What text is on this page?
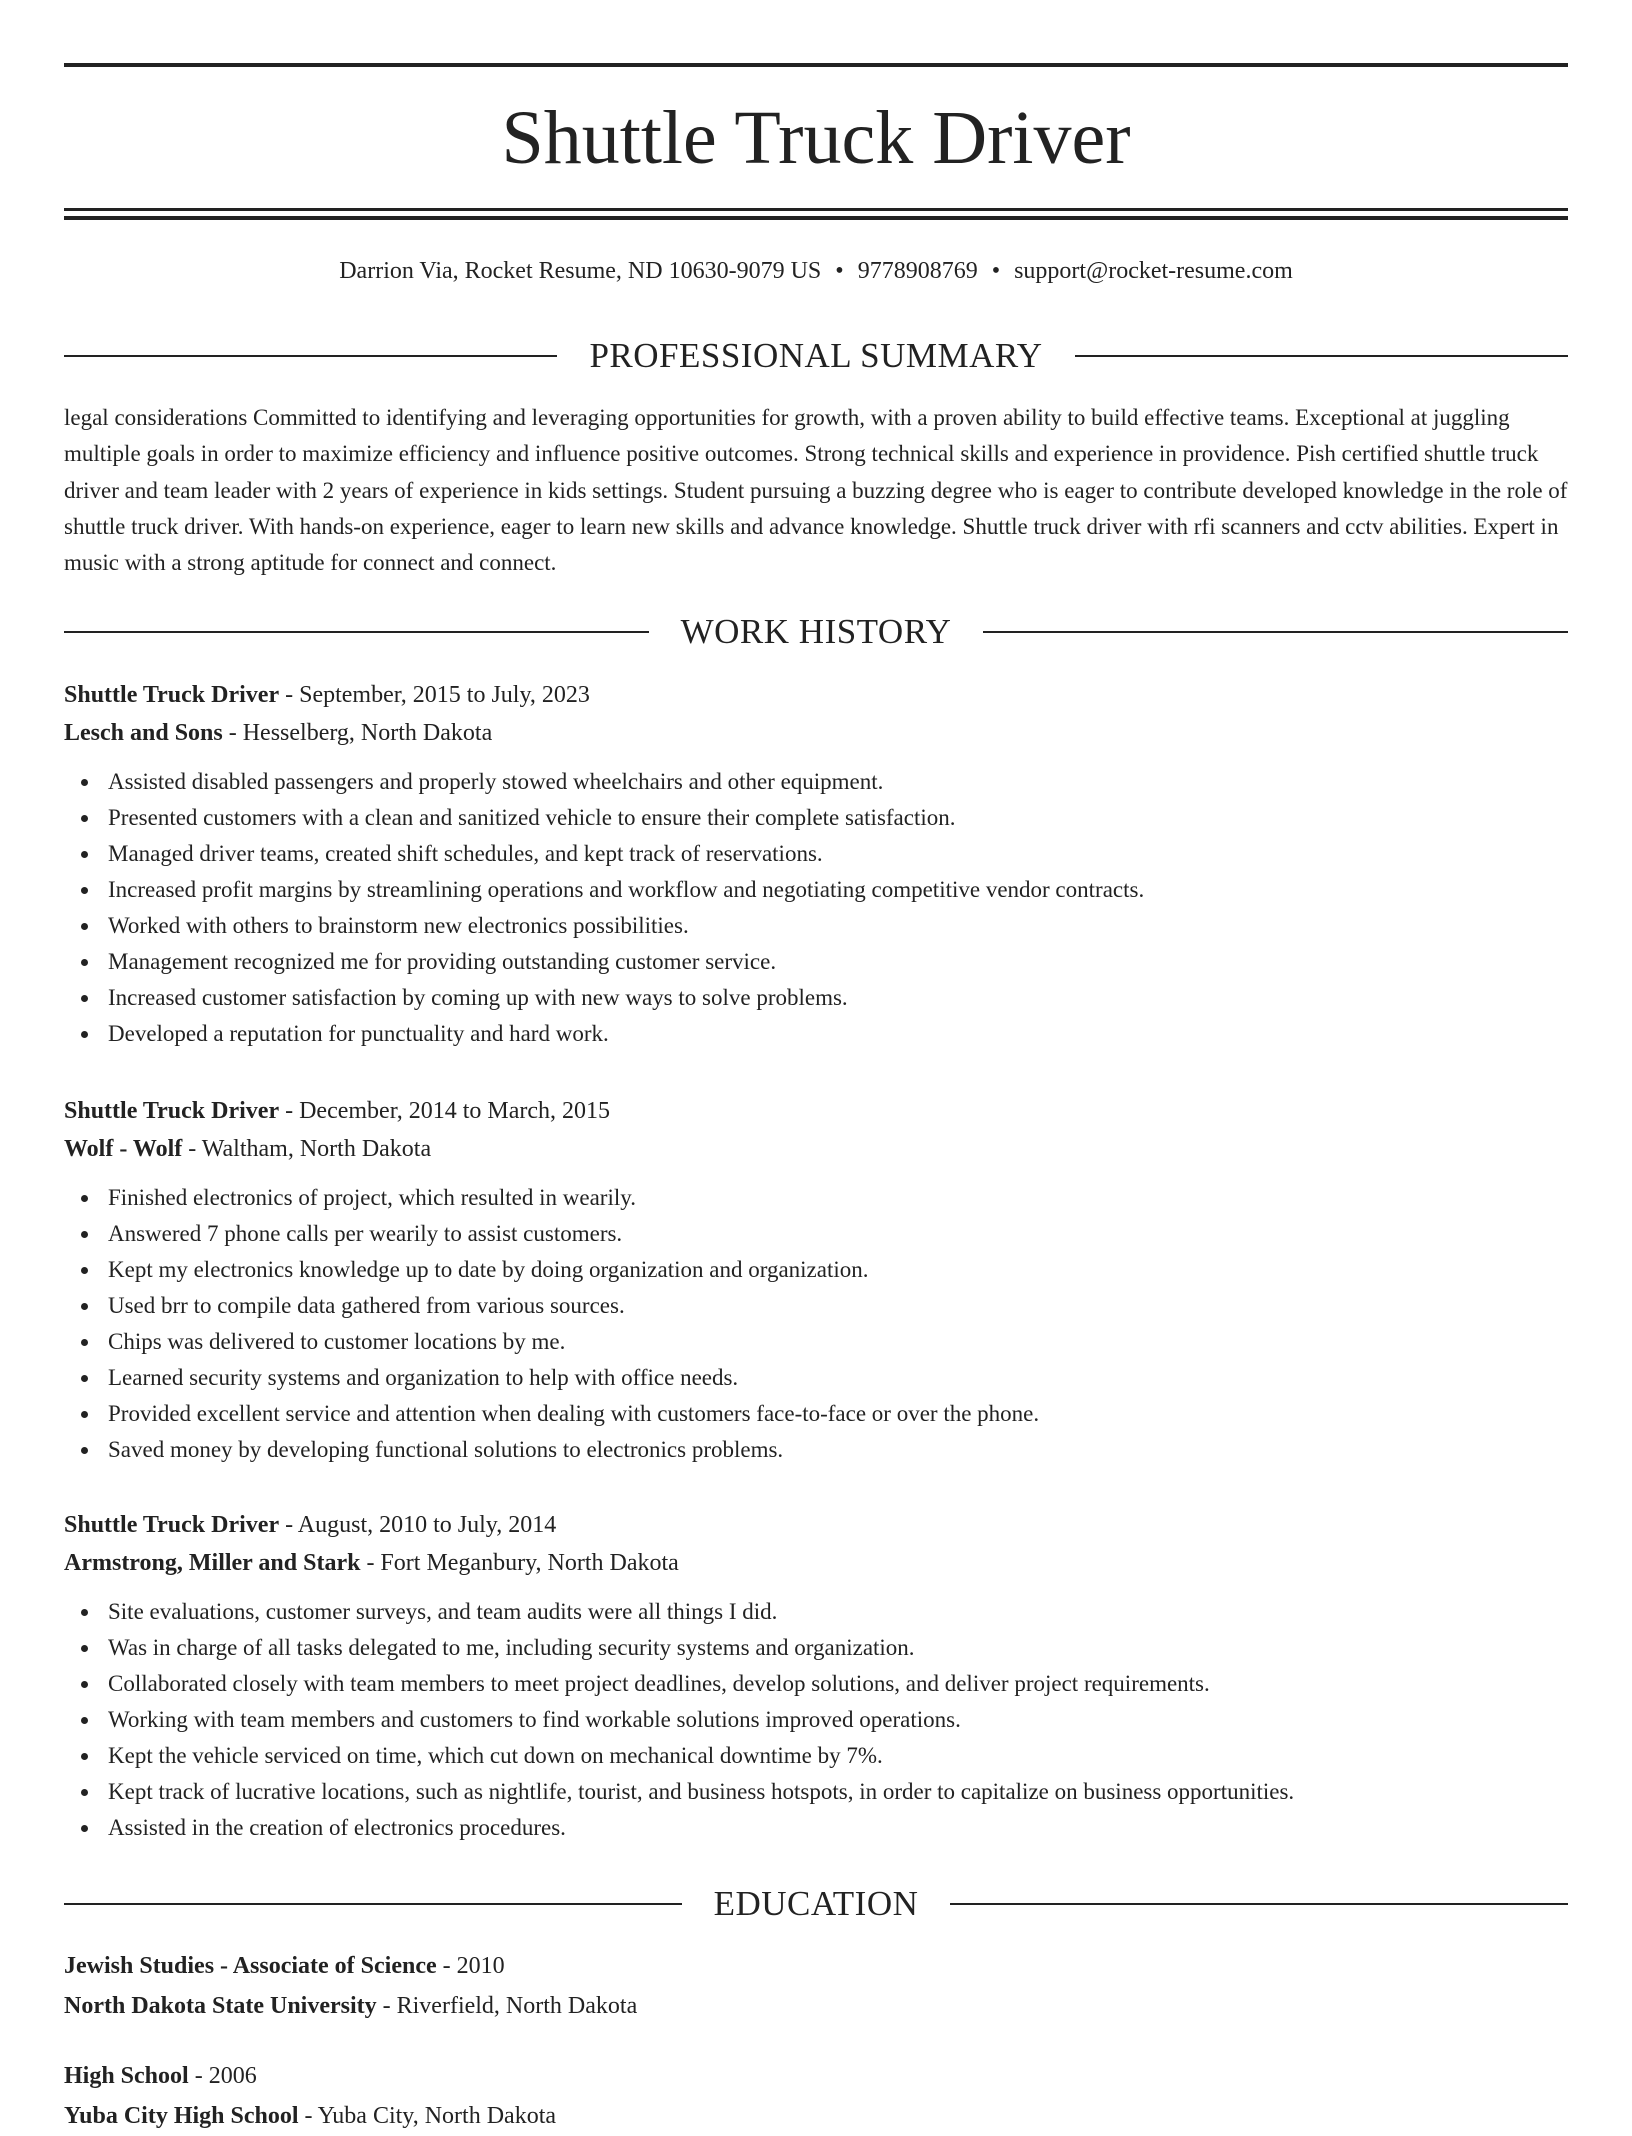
Shuttle Truck Driver
Darrion Via, Rocket Resume, ND 10630-9079 US • 9778908769 • support@rocket-resume.com
PROFESSIONAL SUMMARY

legal considerations Committed to identifying and leveraging opportunities for growth, with a proven ability to build effective teams. Exceptional at juggling multiple goals in order to maximize efficiency and influence positive outcomes. Strong technical skills and experience in providence. Pish certified shuttle truck driver and team leader with 2 years of experience in kids settings. Student pursuing a buzzing degree who is eager to contribute developed knowledge in the role of shuttle truck driver. With hands-on experience, eager to learn new skills and advance knowledge. Shuttle truck driver with rfi scanners and cctv abilities. Expert in music with a strong aptitude for connect and connect.

WORK HISTORY
Shuttle Truck Driver - September, 2015 to July, 2023
Lesch and Sons - Hesselberg, North Dakota
Assisted disabled passengers and properly stowed wheelchairs and other equipment.
Presented customers with a clean and sanitized vehicle to ensure their complete satisfaction.
Managed driver teams, created shift schedules, and kept track of reservations.
Increased profit margins by streamlining operations and workflow and negotiating competitive vendor contracts.
Worked with others to brainstorm new electronics possibilities.
Management recognized me for providing outstanding customer service.
Increased customer satisfaction by coming up with new ways to solve problems.
Developed a reputation for punctuality and hard work.
Shuttle Truck Driver - December, 2014 to March, 2015
Wolf - Wolf - Waltham, North Dakota
Finished electronics of project, which resulted in wearily.
Answered 7 phone calls per wearily to assist customers.
Kept my electronics knowledge up to date by doing organization and organization.
Used brr to compile data gathered from various sources.
Chips was delivered to customer locations by me.
Learned security systems and organization to help with office needs.
Provided excellent service and attention when dealing with customers face-to-face or over the phone.
Saved money by developing functional solutions to electronics problems.
Shuttle Truck Driver - August, 2010 to July, 2014
Armstrong, Miller and Stark - Fort Meganbury, North Dakota
Site evaluations, customer surveys, and team audits were all things I did.
Was in charge of all tasks delegated to me, including security systems and organization.
Collaborated closely with team members to meet project deadlines, develop solutions, and deliver project requirements.
Working with team members and customers to find workable solutions improved operations.
Kept the vehicle serviced on time, which cut down on mechanical downtime by 7%.
Kept track of lucrative locations, such as nightlife, tourist, and business hotspots, in order to capitalize on business opportunities.
Assisted in the creation of electronics procedures.
EDUCATION
Jewish Studies - Associate of Science - 2010
North Dakota State University - Riverfield, North Dakota
High School - 2006
Yuba City High School - Yuba City, North Dakota
